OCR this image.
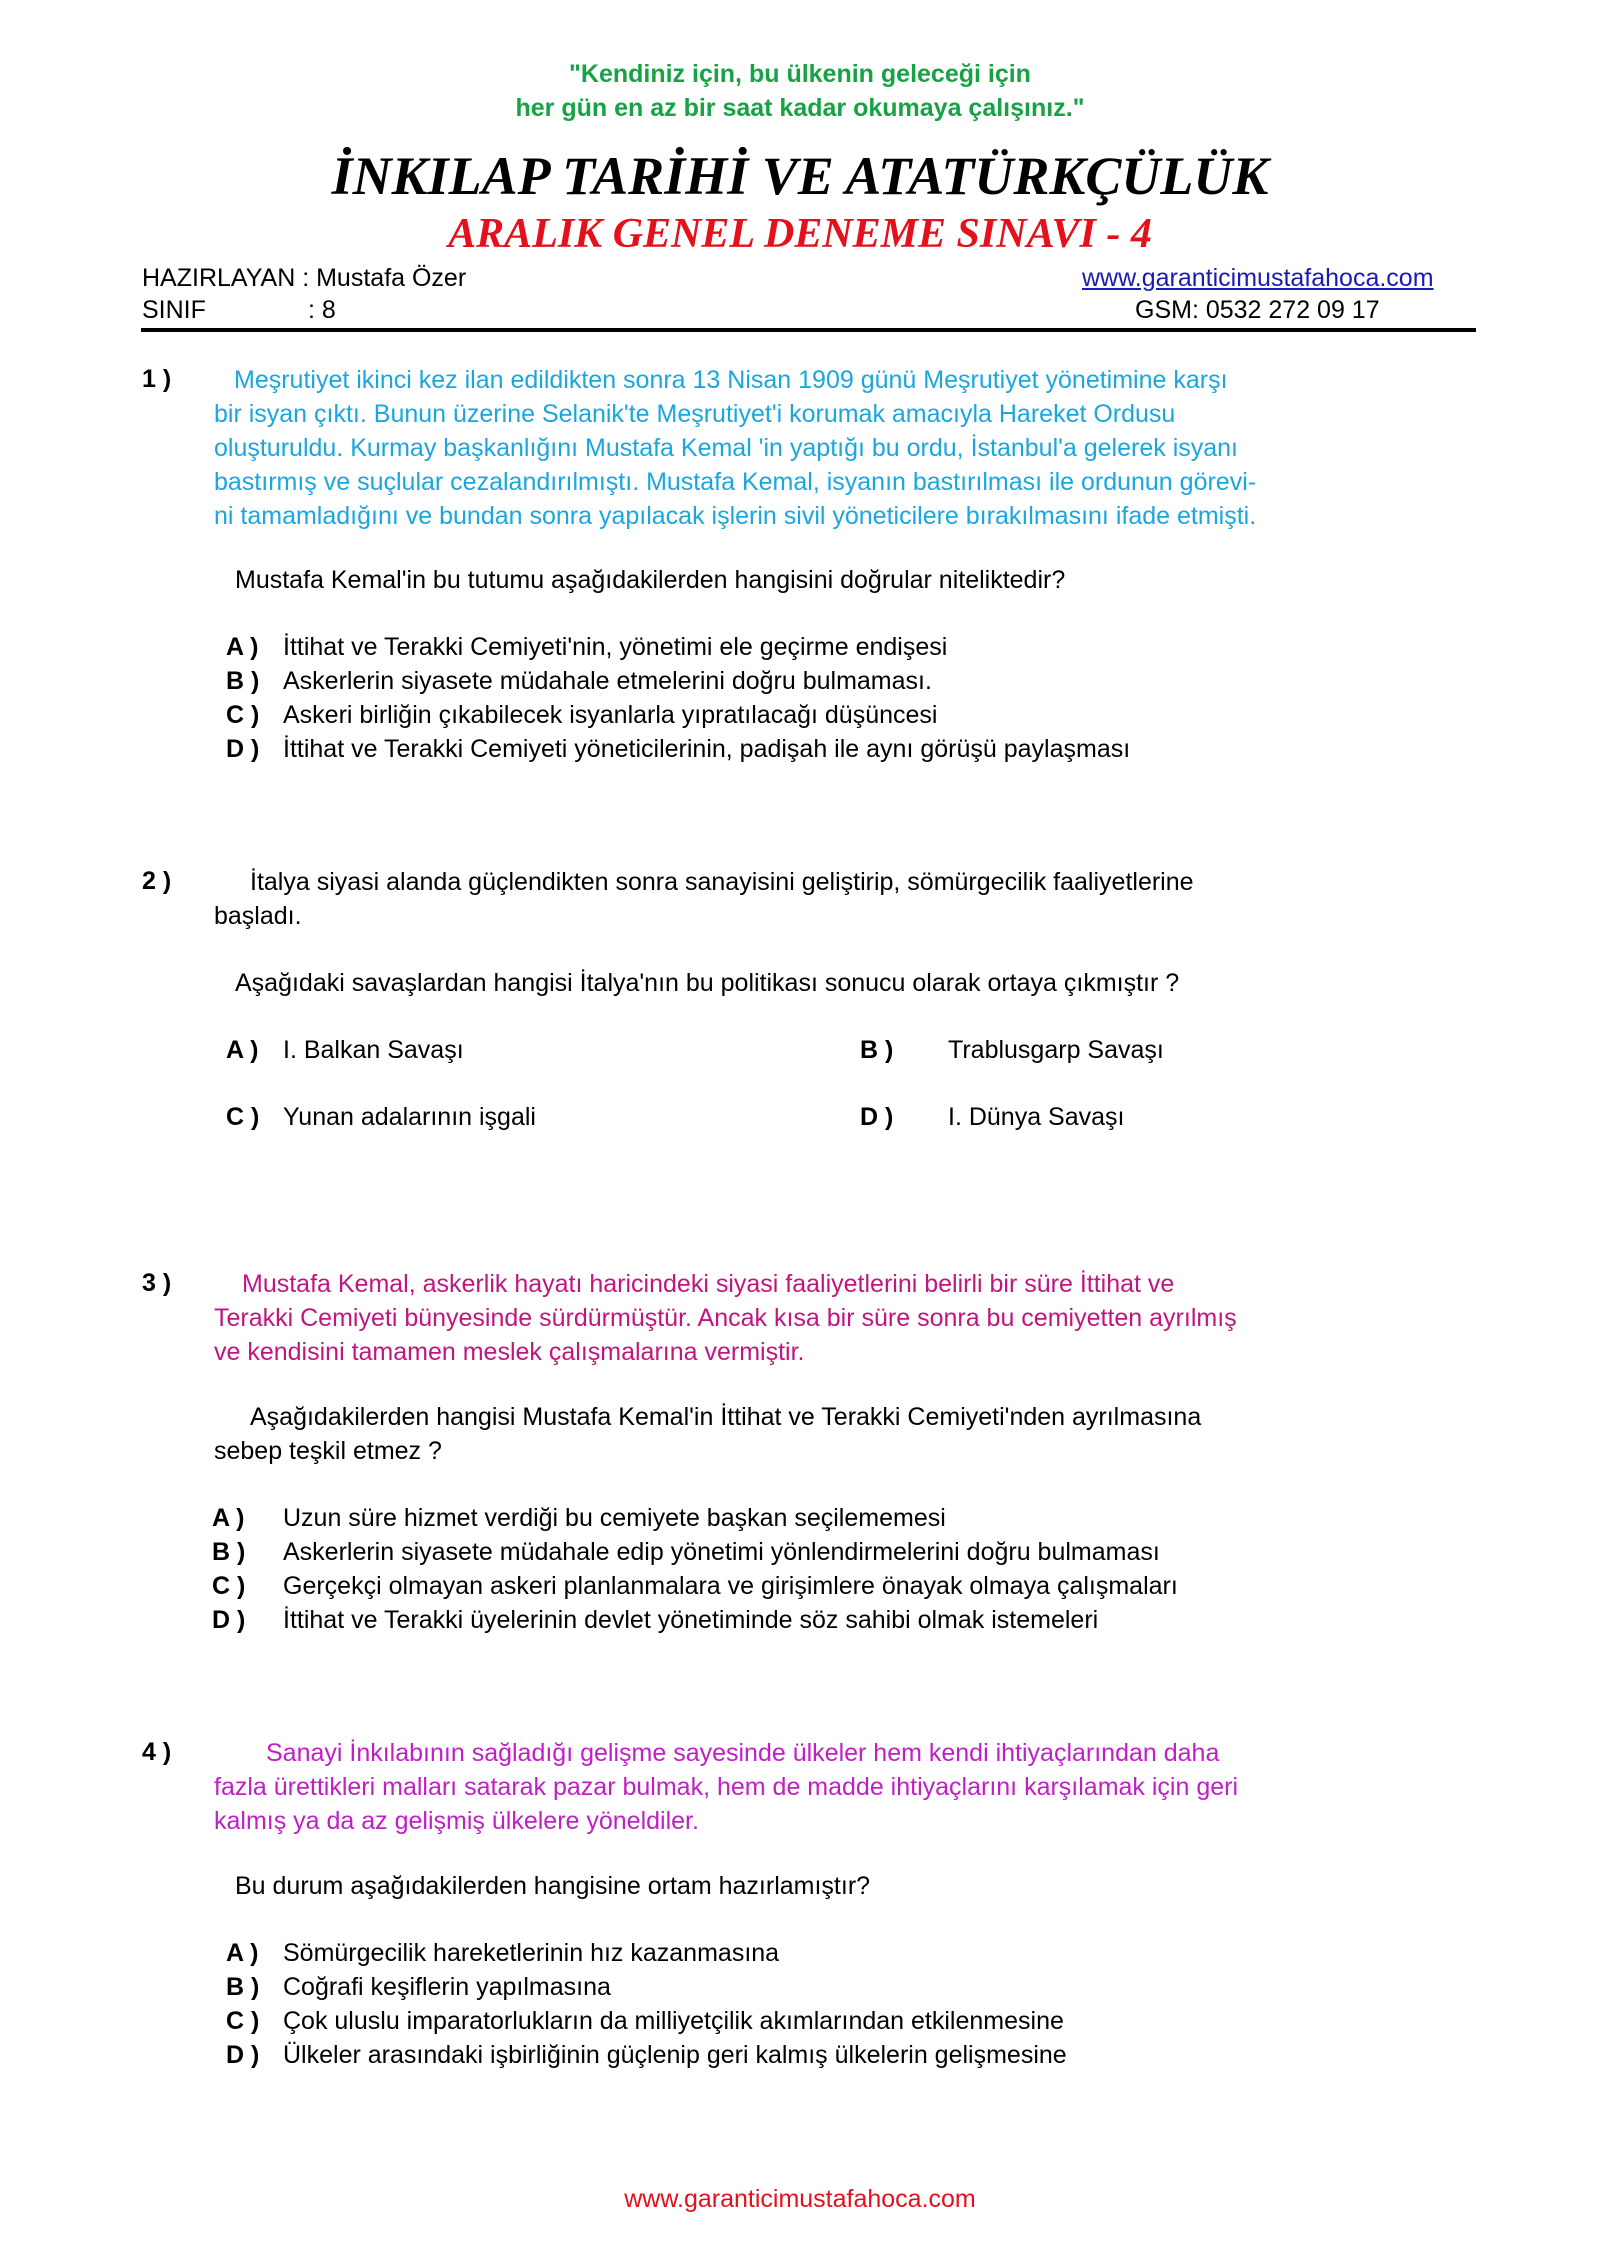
"Kendiniz için, bu ülkenin geleceği için
her gün en az bir saat kadar okumaya çalışınız."
İNKILAP TARİHİ VE ATATÜRKÇÜLÜK
ARALIK GENEL DENEME SINAVI - 4
HAZIRLAYAN : Mustafa Özer	www.garanticimustafahoca.com
SINIF	: 8	GSM: 0532 272 09 17
1 )	Meşrutiyet ikinci kez ilan edildikten sonra 13 Nisan 1909 günü Meşrutiyet yönetimine karşı
bir isyan çıktı. Bunun üzerine Selanik'te Meşrutiyet'i korumak amacıyla Hareket Ordusu
oluşturuldu. Kurmay başkanlığını Mustafa Kemal 'in yaptığı bu ordu, İstanbul'a gelerek isyanı
bastırmış ve suçlular cezalandırılmıştı. Mustafa Kemal, isyanın bastırılması ile ordunun görevi-
ni tamamladığını ve bundan sonra yapılacak işlerin sivil yöneticilere bırakılmasını ifade etmişti.
Mustafa Kemal'in bu tutumu aşağıdakilerden hangisini doğrular niteliktedir?
A ) İttihat ve Terakki Cemiyeti'nin, yönetimi ele geçirme endişesi
B ) Askerlerin siyasete müdahale etmelerini doğru bulmaması.
C ) Askeri birliğin çıkabilecek isyanlarla yıpratılacağı düşüncesi
D ) İttihat ve Terakki Cemiyeti yöneticilerinin, padişah ile aynı görüşü paylaşması
2 )	İtalya siyasi alanda güçlendikten sonra sanayisini geliştirip, sömürgecilik faaliyetlerine
başladı.
Aşağıdaki savaşlardan hangisi İtalya'nın bu politikası sonucu olarak ortaya çıkmıştır ?
A ) I. Balkan Savaşı	B ) Trablusgarp Savaşı
C ) Yunan adalarının işgali	D ) I. Dünya Savaşı
3 )	Mustafa Kemal, askerlik hayatı haricindeki siyasi faaliyetlerini belirli bir süre İttihat ve
Terakki Cemiyeti bünyesinde sürdürmüştür. Ancak kısa bir süre sonra bu cemiyetten ayrılmış
ve kendisini tamamen meslek çalışmalarına vermiştir.
Aşağıdakilerden hangisi Mustafa Kemal'in İttihat ve Terakki Cemiyeti'nden ayrılmasına
sebep teşkil etmez ?
A ) Uzun süre hizmet verdiği bu cemiyete başkan seçilememesi
B ) Askerlerin siyasete müdahale edip yönetimi yönlendirmelerini doğru bulmaması
C ) Gerçekçi olmayan askeri planlanmalara ve girişimlere önayak olmaya çalışmaları
D ) İttihat ve Terakki üyelerinin devlet yönetiminde söz sahibi olmak istemeleri
4 )	Sanayi İnkılabının sağladığı gelişme sayesinde ülkeler hem kendi ihtiyaçlarından daha
fazla ürettikleri malları satarak pazar bulmak, hem de madde ihtiyaçlarını karşılamak için geri
kalmış ya da az gelişmiş ülkelere yöneldiler.
Bu durum aşağıdakilerden hangisine ortam hazırlamıştır?
A ) Sömürgecilik hareketlerinin hız kazanmasına
B ) Coğrafi keşiflerin yapılmasına
C ) Çok uluslu imparatorlukların da milliyetçilik akımlarından etkilenmesine
D ) Ülkeler arasındaki işbirliğinin güçlenip geri kalmış ülkelerin gelişmesine
www.garanticimustafahoca.com
